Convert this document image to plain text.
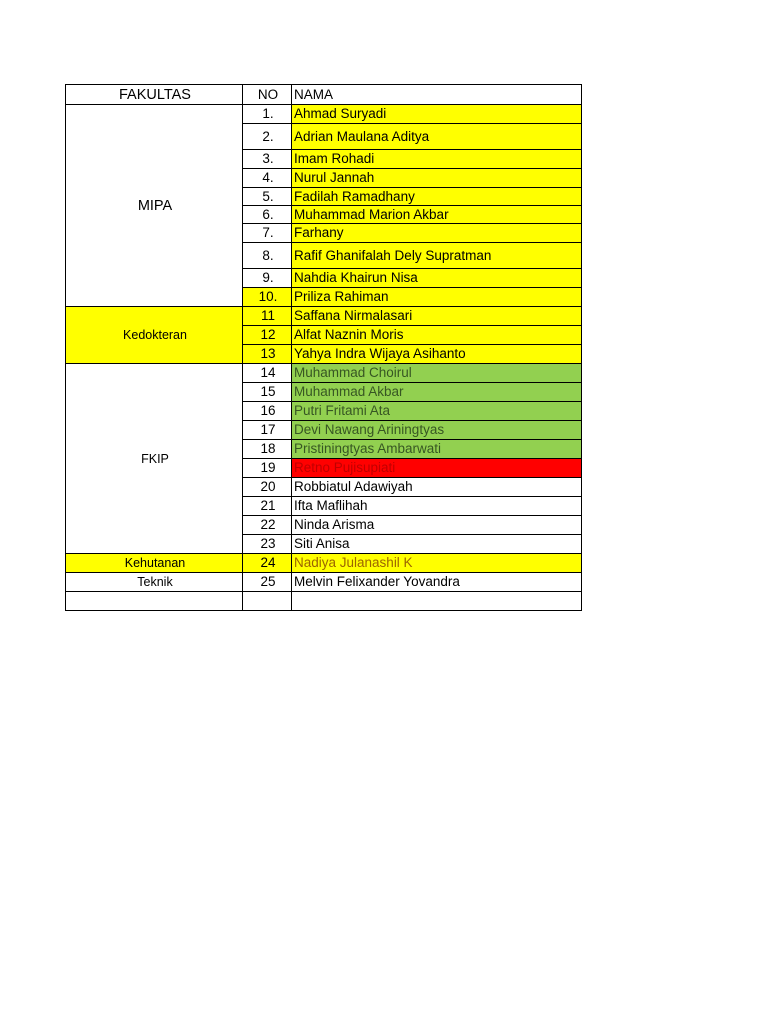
FAKULTAS	NO	NAMA
MIPA	1.	Ahmad Suryadi
	2.	Adrian Maulana Aditya
	3.	Imam Rohadi
	4.	Nurul Jannah
	5.	Fadilah Ramadhany
	6.	Muhammad Marion Akbar
	7.	Farhany
	8.	Rafif Ghanifalah Dely Supratman
	9.	Nahdia Khairun Nisa
	10.	Priliza Rahiman
Kedokteran	11	Saffana Nirmalasari
	12	Alfat Naznin Moris
	13	Yahya Indra Wijaya Asihanto
FKIP	14	Muhammad Choirul
	15	Muhammad Akbar
	16	Putri Fritami Ata
	17	Devi Nawang Ariningtyas
	18	Pristiningtyas Ambarwati
	19	Retno Pujisupiati
	20	Robbiatul Adawiyah
	21	Ifta Maflihah
	22	Ninda Arisma
	23	Siti Anisa
Kehutanan	24	Nadiya Julanashil K
Teknik	25	Melvin Felixander Yovandra
